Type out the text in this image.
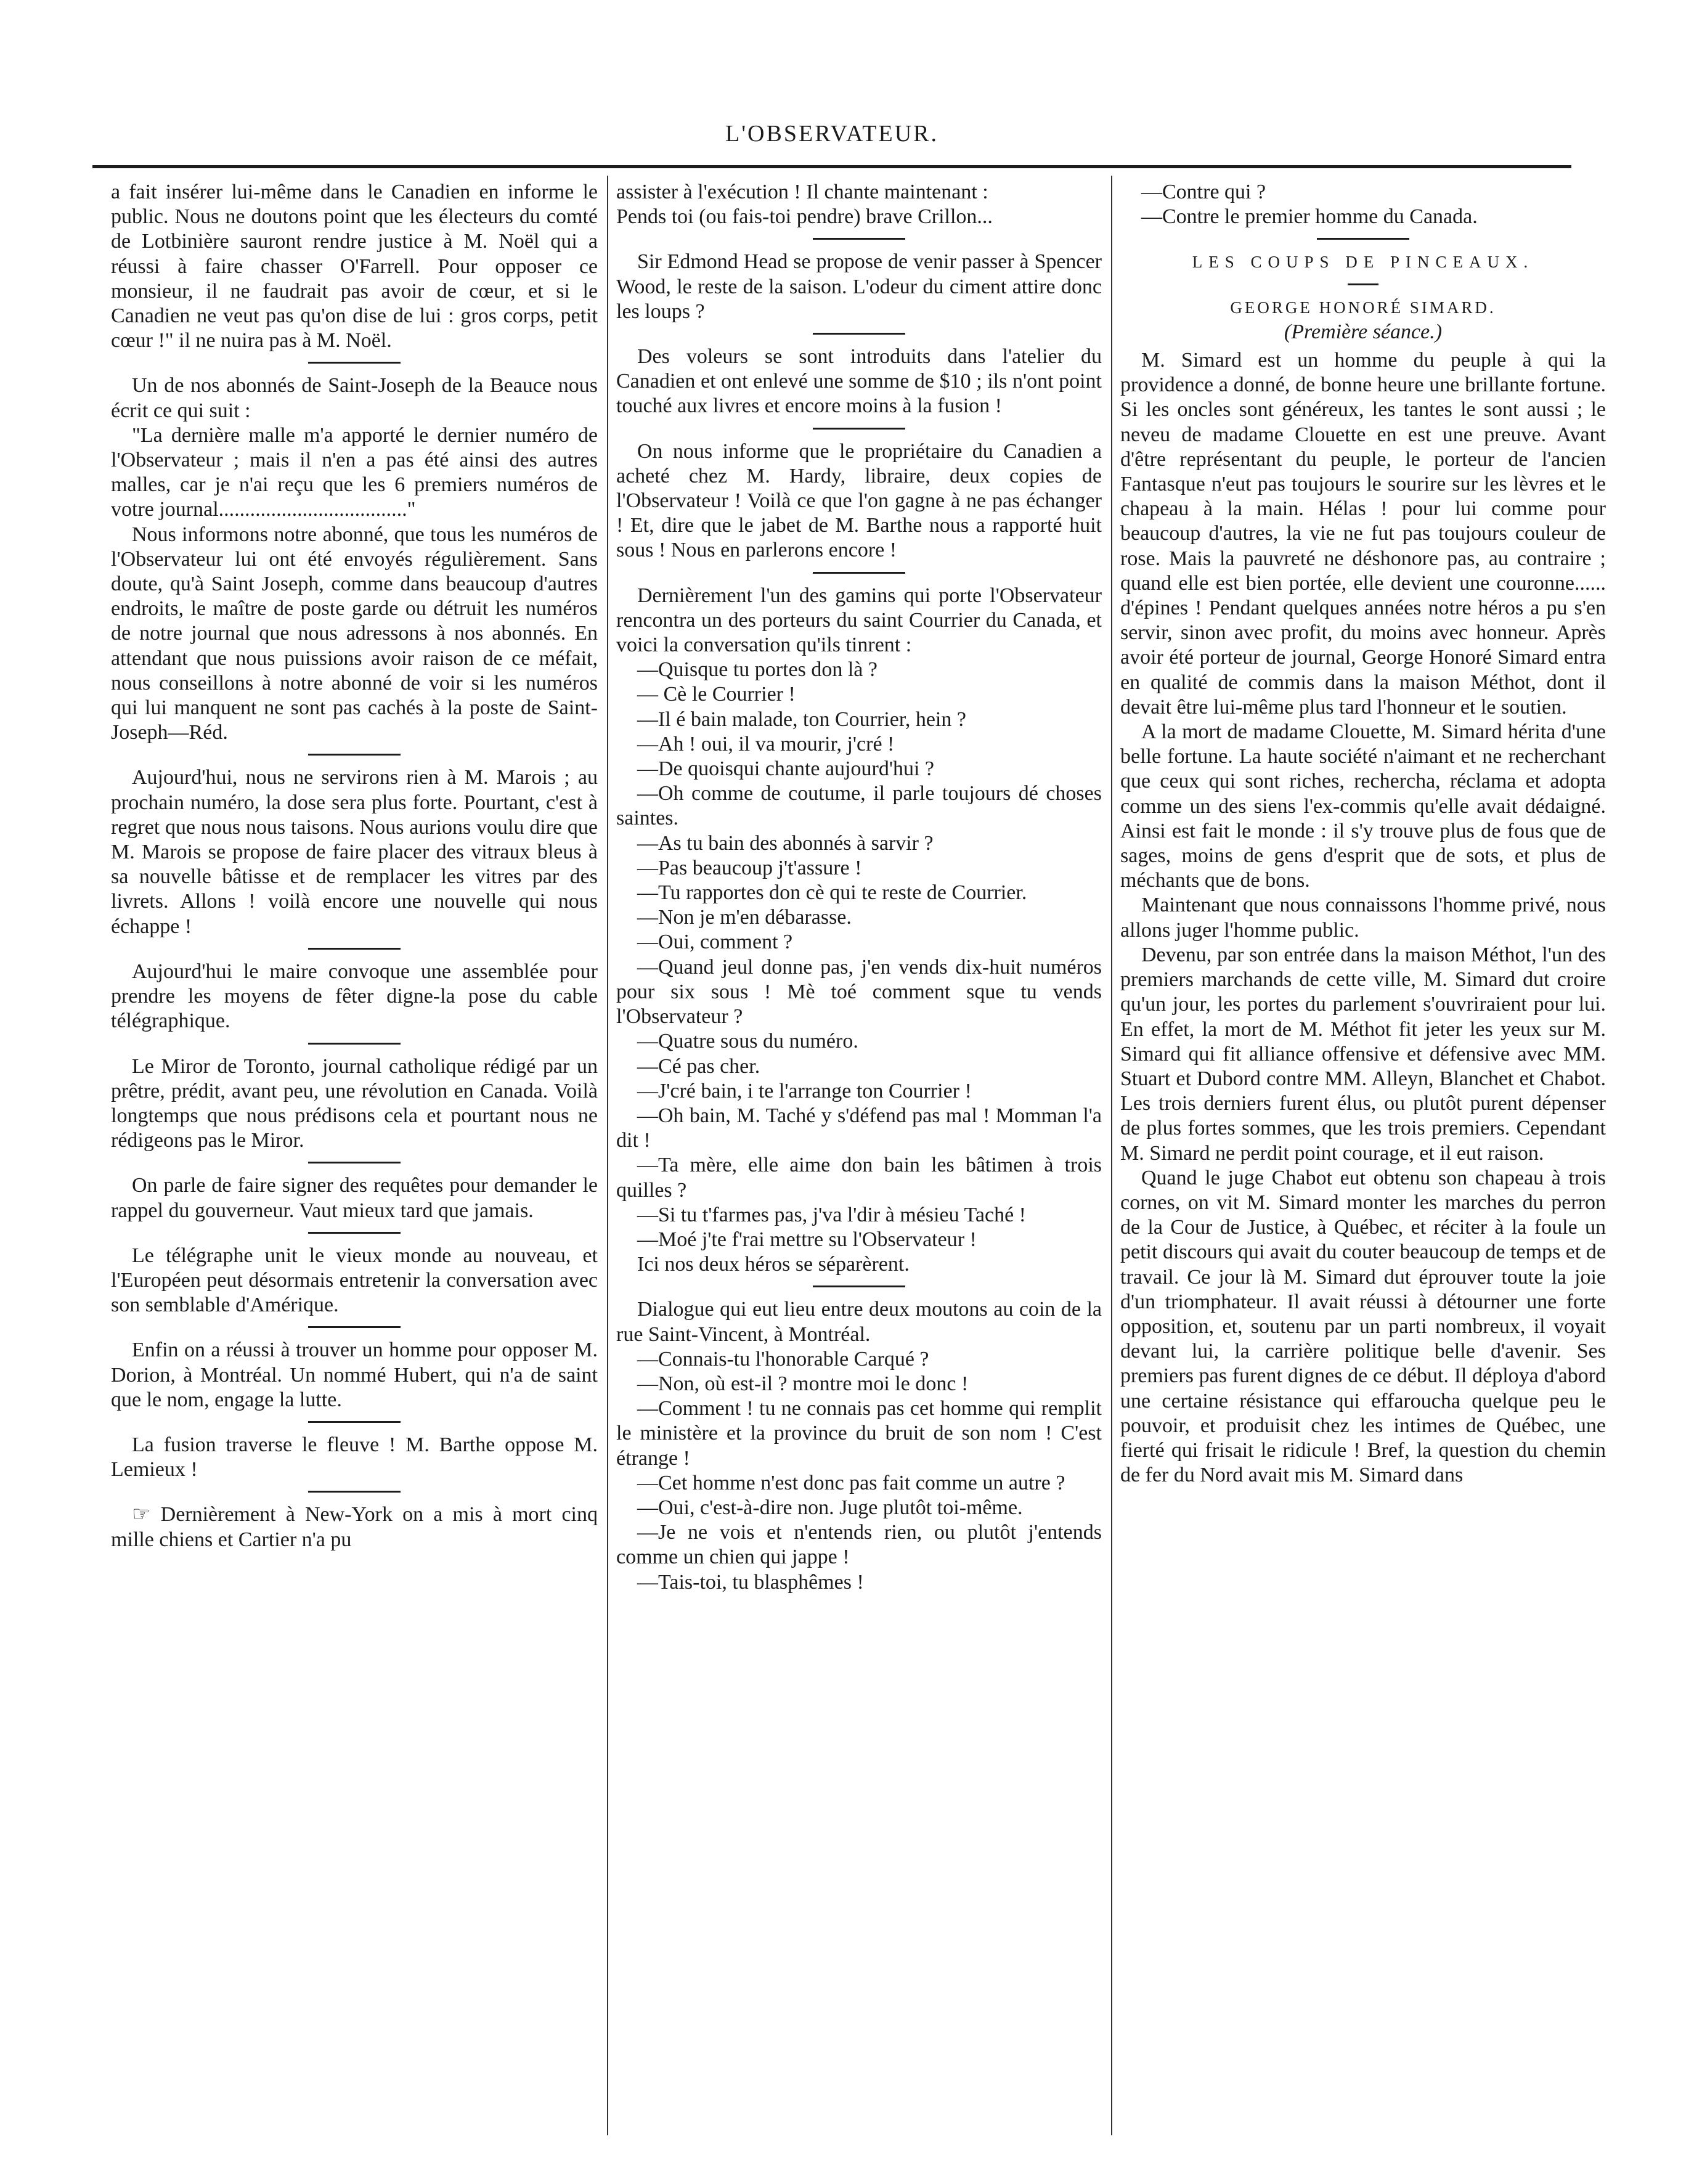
L'OBSERVATEUR.

a fait insérer lui-même dans le Canadien en informe le public. Nous ne doutons point que les électeurs du comté de Lotbinière sauront rendre justice à M. Noël qui a réussi à faire chasser O'Farrell. Pour opposer ce monsieur, il ne faudrait pas avoir de cœur, et si le Canadien ne veut pas qu'on dise de lui : gros corps, petit cœur !" il ne nuira pas à M. Noël.

Un de nos abonnés de Saint-Joseph de la Beauce nous écrit ce qui suit :

"La dernière malle m'a apporté le dernier numéro de l'Observateur ; mais il n'en a pas été ainsi des autres malles, car je n'ai reçu que les 6 premiers numéros de votre journal...................................."

Nous informons notre abonné, que tous les numéros de l'Observateur lui ont été envoyés régulièrement. Sans doute, qu'à Saint Joseph, comme dans beaucoup d'autres endroits, le maître de poste garde ou détruit les numéros de notre journal que nous adressons à nos abonnés. En attendant que nous puissions avoir raison de ce méfait, nous conseillons à notre abonné de voir si les numéros qui lui manquent ne sont pas cachés à la poste de Saint-Joseph—Réd.

Aujourd'hui, nous ne servirons rien à M. Marois ; au prochain numéro, la dose sera plus forte. Pourtant, c'est à regret que nous nous taisons. Nous aurions voulu dire que M. Marois se propose de faire placer des vitraux bleus à sa nouvelle bâtisse et de remplacer les vitres par des livrets. Allons ! voilà encore une nouvelle qui nous échappe !

Aujourd'hui le maire convoque une assemblée pour prendre les moyens de fêter digne-la pose du cable télégraphique.

Le Miror de Toronto, journal catholique rédigé par un prêtre, prédit, avant peu, une révolution en Canada. Voilà longtemps que nous prédisons cela et pourtant nous ne rédigeons pas le Miror.

On parle de faire signer des requêtes pour demander le rappel du gouverneur. Vaut mieux tard que jamais.

Le télégraphe unit le vieux monde au nouveau, et l'Européen peut désormais entretenir la conversation avec son semblable d'Amérique.

Enfin on a réussi à trouver un homme pour opposer M. Dorion, à Montréal. Un nommé Hubert, qui n'a de saint que le nom, engage la lutte.

La fusion traverse le fleuve ! M. Barthe oppose M. Lemieux !

☞ Dernièrement à New-York on a mis à mort cinq mille chiens et Cartier n'a pu

assister à l'exécution ! Il chante maintenant :

Pends toi (ou fais-toi pendre) brave Crillon...

Sir Edmond Head se propose de venir passer à Spencer Wood, le reste de la saison. L'odeur du ciment attire donc les loups ?

Des voleurs se sont introduits dans l'atelier du Canadien et ont enlevé une somme de $10 ; ils n'ont point touché aux livres et encore moins à la fusion !

On nous informe que le propriétaire du Canadien a acheté chez M. Hardy, libraire, deux copies de l'Observateur ! Voilà ce que l'on gagne à ne pas échanger ! Et, dire que le jabet de M. Barthe nous a rapporté huit sous ! Nous en parlerons encore !

Dernièrement l'un des gamins qui porte l'Observateur rencontra un des porteurs du saint Courrier du Canada, et voici la conversation qu'ils tinrent :

—Quisque tu portes don là ?

— Cè le Courrier !

—Il é bain malade, ton Courrier, hein ?

—Ah ! oui, il va mourir, j'cré !

—De quoisqui chante aujourd'hui ?

—Oh comme de coutume, il parle toujours dé choses saintes.

—As tu bain des abonnés à sarvir ?

—Pas beaucoup j't'assure !

—Tu rapportes don cè qui te reste de Courrier.

—Non je m'en débarasse.

—Oui, comment ?

—Quand jeul donne pas, j'en vends dix-huit numéros pour six sous ! Mè toé comment sque tu vends l'Observateur ?

—Quatre sous du numéro.

—Cé pas cher.

—J'cré bain, i te l'arrange ton Courrier !

—Oh bain, M. Taché y s'défend pas mal ! Momman l'a dit !

—Ta mère, elle aime don bain les bâtimen à trois quilles ?

—Si tu t'farmes pas, j'va l'dir à mésieu Taché !

—Moé j'te f'rai mettre su l'Observateur !

Ici nos deux héros se séparèrent.

Dialogue qui eut lieu entre deux moutons au coin de la rue Saint-Vincent, à Montréal.

—Connais-tu l'honorable Carqué ?

—Non, où est-il ? montre moi le donc !

—Comment ! tu ne connais pas cet homme qui remplit le ministère et la province du bruit de son nom ! C'est étrange !

—Cet homme n'est donc pas fait comme un autre ?

—Oui, c'est-à-dire non. Juge plutôt toi-même.

—Je ne vois et n'entends rien, ou plutôt j'entends comme un chien qui jappe !

—Tais-toi, tu blasphêmes !

—Contre qui ?

—Contre le premier homme du Canada.

LES COUPS DE PINCEAUX.
GEORGE HONORÉ SIMARD.
(Première séance.)

M. Simard est un homme du peuple à qui la providence a donné, de bonne heure une brillante fortune. Si les oncles sont généreux, les tantes le sont aussi ; le neveu de madame Clouette en est une preuve. Avant d'être représentant du peuple, le porteur de l'ancien Fantasque n'eut pas toujours le sourire sur les lèvres et le chapeau à la main. Hélas ! pour lui comme pour beaucoup d'autres, la vie ne fut pas toujours couleur de rose. Mais la pauvreté ne déshonore pas, au contraire ; quand elle est bien portée, elle devient une couronne...... d'épines ! Pendant quelques années notre héros a pu s'en servir, sinon avec profit, du moins avec honneur. Après avoir été porteur de journal, George Honoré Simard entra en qualité de commis dans la maison Méthot, dont il devait être lui-même plus tard l'honneur et le soutien.

A la mort de madame Clouette, M. Simard hérita d'une belle fortune. La haute société n'aimant et ne recherchant que ceux qui sont riches, rechercha, réclama et adopta comme un des siens l'ex-commis qu'elle avait dédaigné. Ainsi est fait le monde : il s'y trouve plus de fous que de sages, moins de gens d'esprit que de sots, et plus de méchants que de bons.

Maintenant que nous connaissons l'homme privé, nous allons juger l'homme public.

Devenu, par son entrée dans la maison Méthot, l'un des premiers marchands de cette ville, M. Simard dut croire qu'un jour, les portes du parlement s'ouvriraient pour lui. En effet, la mort de M. Méthot fit jeter les yeux sur M. Simard qui fit alliance offensive et défensive avec MM. Stuart et Dubord contre MM. Alleyn, Blanchet et Chabot. Les trois derniers furent élus, ou plutôt purent dépenser de plus fortes sommes, que les trois premiers. Cependant M. Simard ne perdit point courage, et il eut raison.

Quand le juge Chabot eut obtenu son chapeau à trois cornes, on vit M. Simard monter les marches du perron de la Cour de Justice, à Québec, et réciter à la foule un petit discours qui avait du couter beaucoup de temps et de travail. Ce jour là M. Simard dut éprouver toute la joie d'un triomphateur. Il avait réussi à détourner une forte opposition, et, soutenu par un parti nombreux, il voyait devant lui, la carrière politique belle d'avenir. Ses premiers pas furent dignes de ce début. Il déploya d'abord une certaine résistance qui effaroucha quelque peu le pouvoir, et produisit chez les intimes de Québec, une fierté qui frisait le ridicule ! Bref, la question du chemin de fer du Nord avait mis M. Simard dans
